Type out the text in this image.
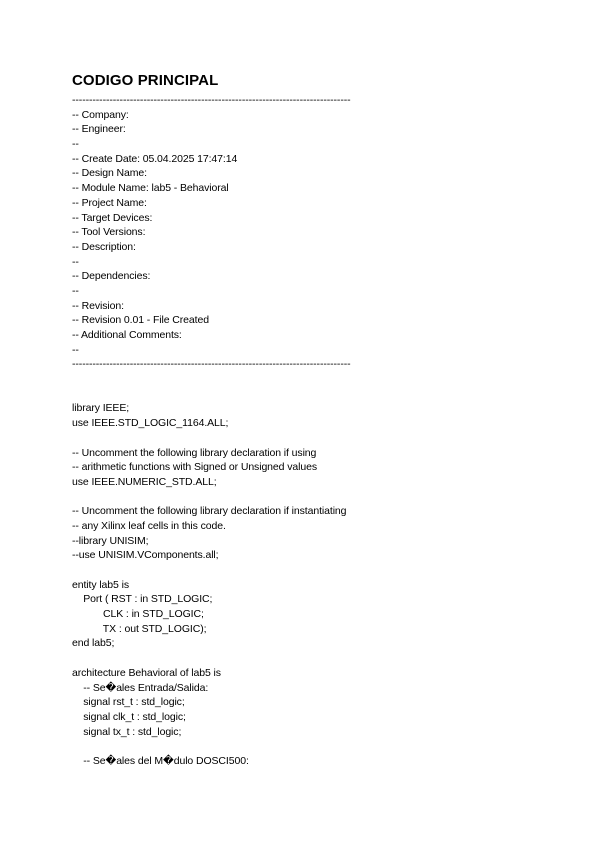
CODIGO PRINCIPAL
----------------------------------------------------------------------------------
-- Company:
-- Engineer:
--
-- Create Date: 05.04.2025 17:47:14
-- Design Name:
-- Module Name: lab5 - Behavioral
-- Project Name:
-- Target Devices:
-- Tool Versions:
-- Description:
--
-- Dependencies:
--
-- Revision:
-- Revision 0.01 - File Created
-- Additional Comments:
--
----------------------------------------------------------------------------------
library IEEE;
use IEEE.STD_LOGIC_1164.ALL;
-- Uncomment the following library declaration if using
-- arithmetic functions with Signed or Unsigned values
use IEEE.NUMERIC_STD.ALL;
-- Uncomment the following library declaration if instantiating
-- any Xilinx leaf cells in this code.
--library UNISIM;
--use UNISIM.VComponents.all;
entity lab5 is
Port ( RST : in STD_LOGIC;
CLK : in STD_LOGIC;
TX : out STD_LOGIC);
end lab5;
architecture Behavioral of lab5 is
-- Se�ales Entrada/Salida:
signal rst_t : std_logic;
signal clk_t : std_logic;
signal tx_t : std_logic;
-- Se�ales del M�dulo DOSCI500:
